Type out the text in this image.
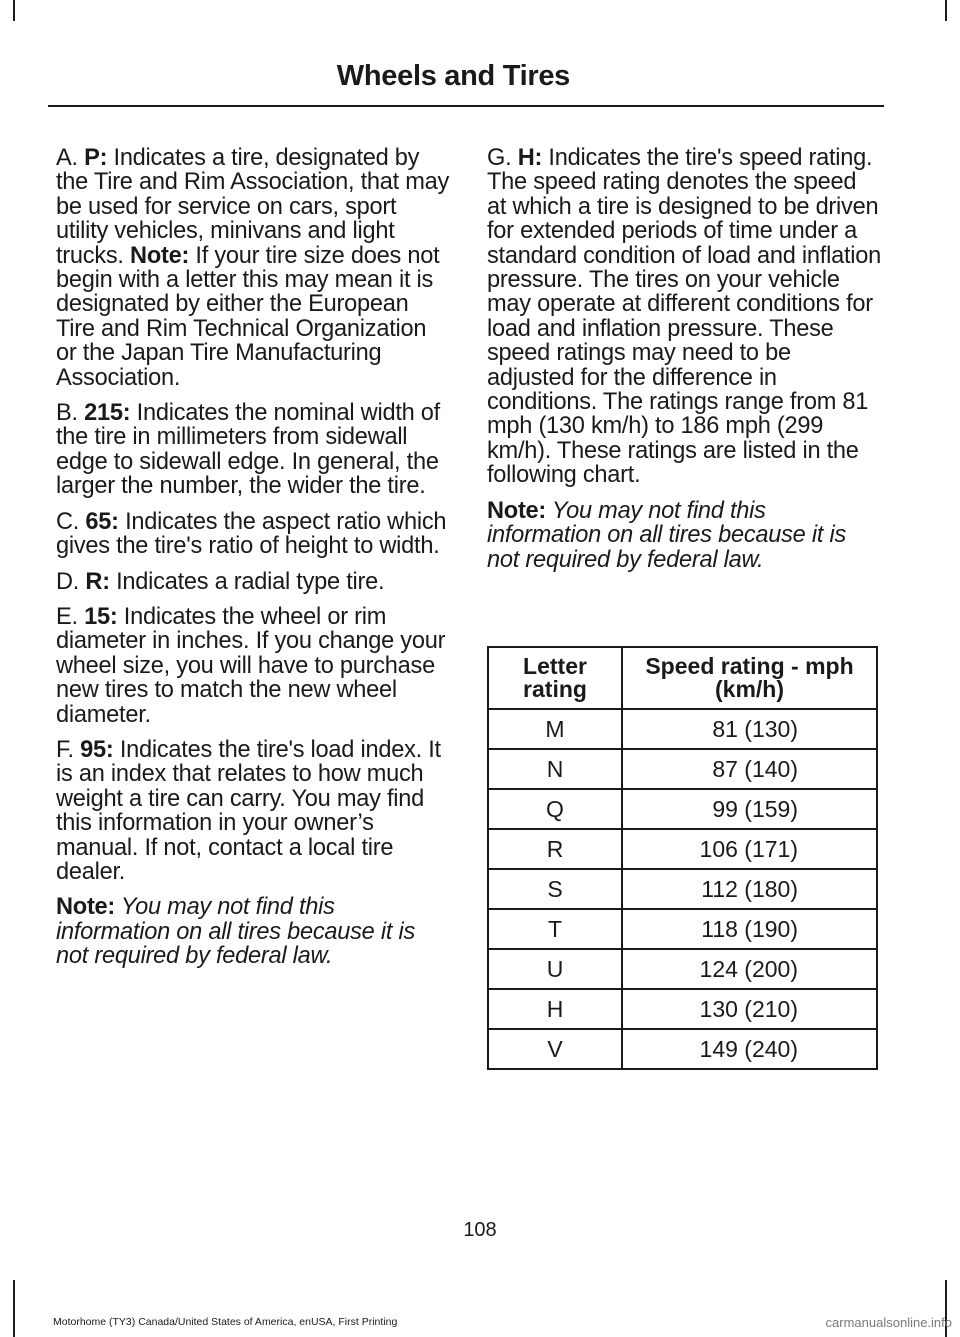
Wheels and Tires

A. P: Indicates a tire, designated by the Tire and Rim Association, that may be used for service on cars, sport utility vehicles, minivans and light trucks. Note: If your tire size does not begin with a letter this may mean it is designated by either the European Tire and Rim Technical Organization or the Japan Tire Manufacturing Association.

B. 215: Indicates the nominal width of the tire in millimeters from sidewall edge to sidewall edge. In general, the larger the number, the wider the tire.

C. 65: Indicates the aspect ratio which gives the tire's ratio of height to width.

D. R: Indicates a radial type tire.

E. 15: Indicates the wheel or rim diameter in inches. If you change your wheel size, you will have to purchase new tires to match the new wheel diameter.

F. 95: Indicates the tire's load index. It is an index that relates to how much weight a tire can carry. You may find this information in your owner’s manual. If not, contact a local tire dealer.

Note: You may not find this information on all tires because it is not required by federal law.

G. H: Indicates the tire's speed rating. The speed rating denotes the speed at which a tire is designed to be driven for extended periods of time under a standard condition of load and inflation pressure. The tires on your vehicle may operate at different conditions for load and inflation pressure. These speed ratings may need to be adjusted for the difference in conditions. The ratings range from 81 mph (130 km/h) to 186 mph (299 km/h). These ratings are listed in the following chart.

Note: You may not find this information on all tires because it is not required by federal law.

Letter rating	Speed rating - mph (km/h)
M	81 (130)
N	87 (140)
Q	99 (159)
R	106 (171)
S	112 (180)
T	118 (190)
U	124 (200)
H	130 (210)
V	149 (240)
108
Motorhome (TY3) Canada/United States of America, enUSA, First Printing	carmanualsonline.info
